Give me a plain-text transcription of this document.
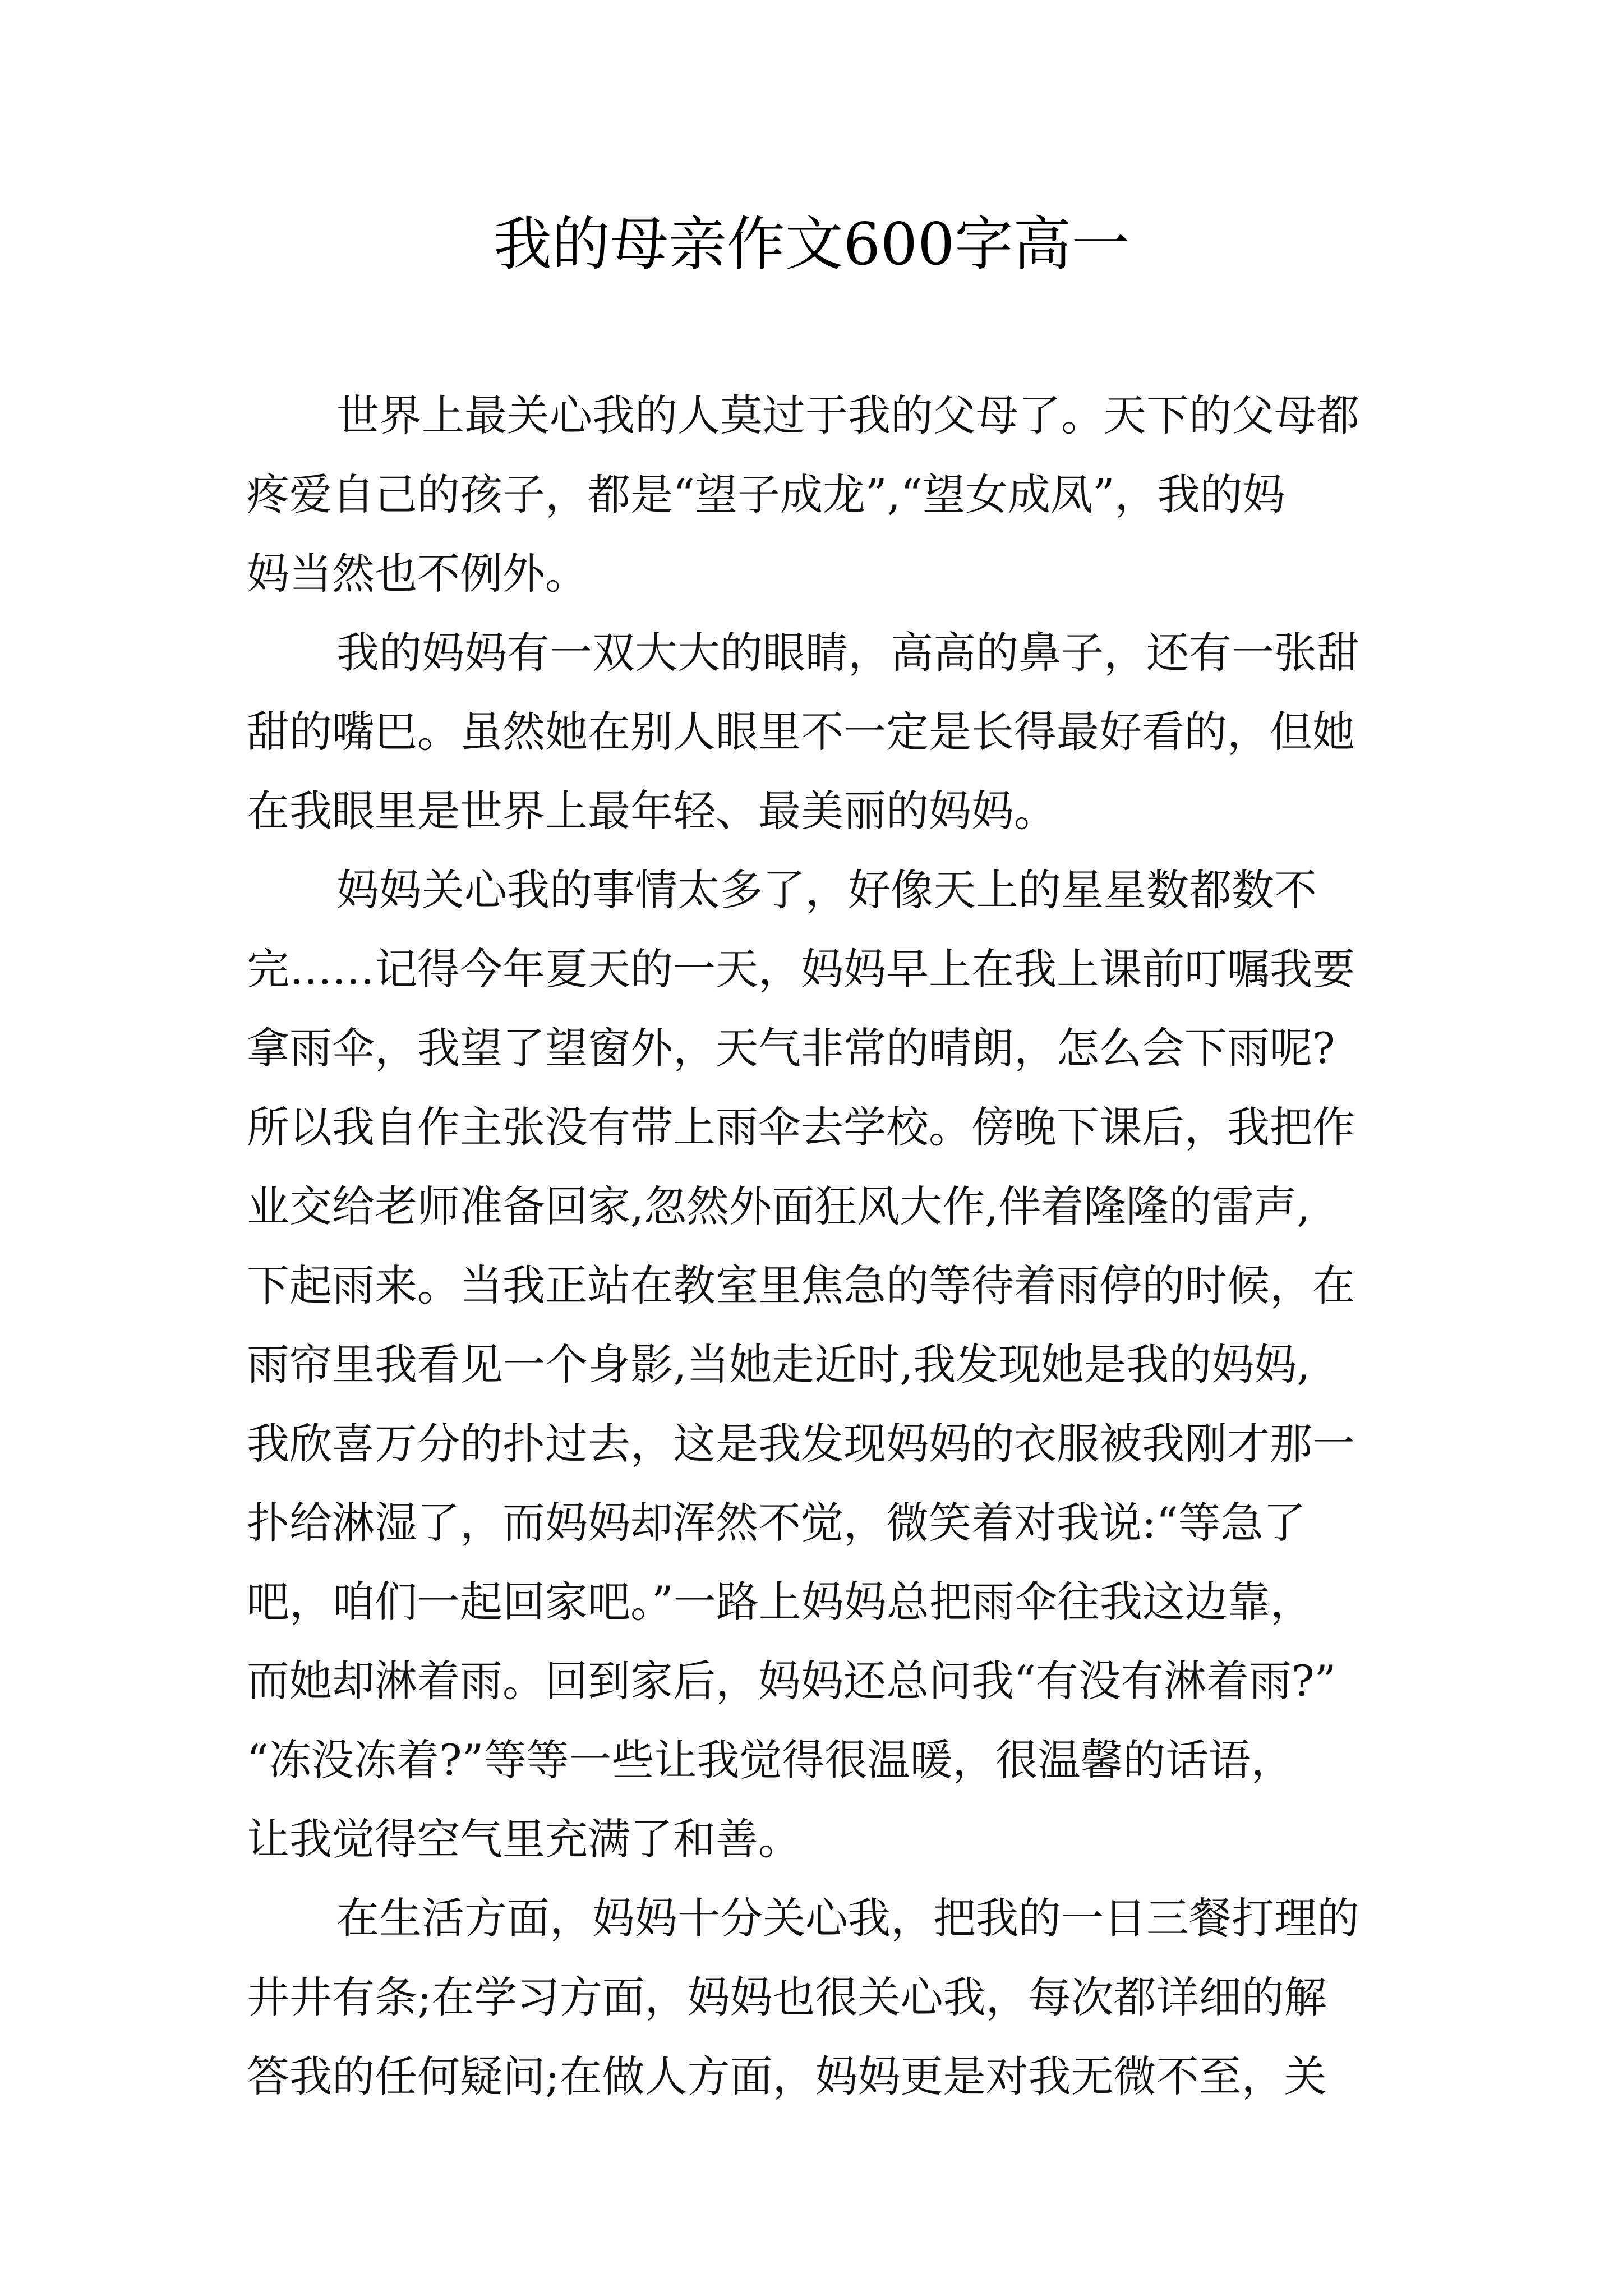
我的母亲作文600字高一
世界上最关心我的人莫过于我的父母了。天下的父母都
疼爱自己的孩子，都是“望子成龙”,“望女成凤”，我的妈
妈当然也不例外。
我的妈妈有一双大大的眼睛，高高的鼻子，还有一张甜
甜的嘴巴。虽然她在别人眼里不一定是长得最好看的，但她
在我眼里是世界上最年轻、最美丽的妈妈。
妈妈关心我的事情太多了，好像天上的星星数都数不
完……记得今年夏天的一天，妈妈早上在我上课前叮嘱我要
拿雨伞，我望了望窗外，天气非常的晴朗，怎么会下雨呢?
所以我自作主张没有带上雨伞去学校。傍晚下课后，我把作
业交给老师准备回家,忽然外面狂风大作,伴着隆隆的雷声,
下起雨来。当我正站在教室里焦急的等待着雨停的时候，在
雨帘里我看见一个身影,当她走近时,我发现她是我的妈妈,
我欣喜万分的扑过去，这是我发现妈妈的衣服被我刚才那一
扑给淋湿了，而妈妈却浑然不觉，微笑着对我说:“等急了
吧，咱们一起回家吧。”一路上妈妈总把雨伞往我这边靠，
而她却淋着雨。回到家后，妈妈还总问我“有没有淋着雨?”
“冻没冻着?”等等一些让我觉得很温暖，很温馨的话语，
让我觉得空气里充满了和善。
在生活方面，妈妈十分关心我，把我的一日三餐打理的
井井有条;在学习方面，妈妈也很关心我，每次都详细的解
答我的任何疑问;在做人方面，妈妈更是对我无微不至，关
